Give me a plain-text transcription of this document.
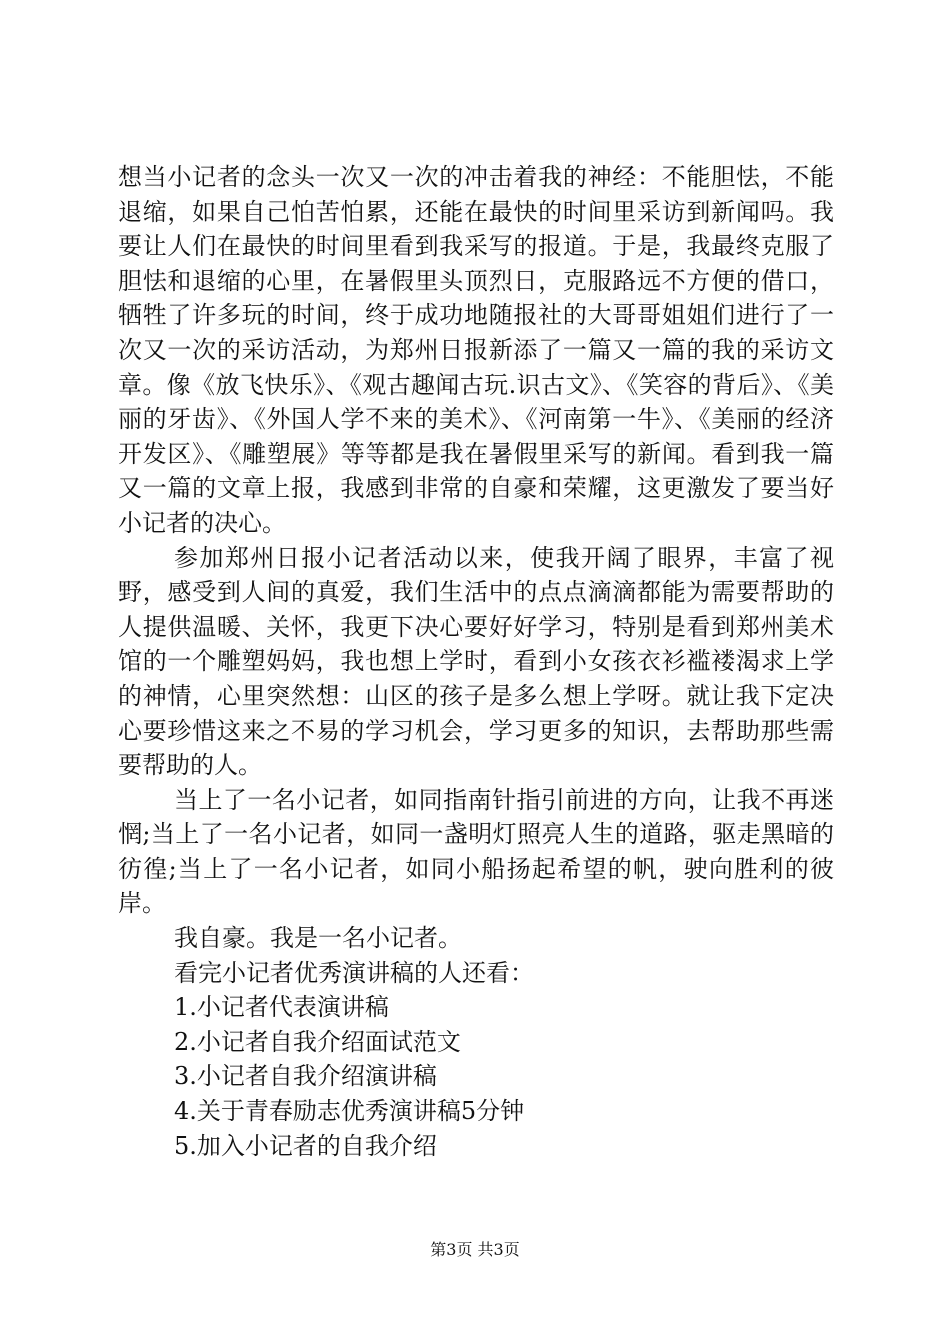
想当小记者的念头一次又一次的冲击着我的神经：不能胆怯，不能退缩，如果自己怕苦怕累，还能在最快的时间里采访到新闻吗。我要让人们在最快的时间里看到我采写的报道。于是，我最终克服了胆怯和退缩的心里，在暑假里头顶烈日，克服路远不方便的借口，牺牲了许多玩的时间，终于成功地随报社的大哥哥姐姐们进行了一次又一次的采访活动，为郑州日报新添了一篇又一篇的我的采访文章。像《放飞快乐》、《观古趣闻古玩.识古文》、《笑容的背后》、《美丽的牙齿》、《外国人学不来的美术》、《河南第一牛》、《美丽的经济开发区》、《雕塑展》等等都是我在暑假里采写的新闻。看到我一篇又一篇的文章上报，我感到非常的自豪和荣耀，这更激发了要当好小记者的决心。

参加郑州日报小记者活动以来，使我开阔了眼界，丰富了视野，感受到人间的真爱，我们生活中的点点滴滴都能为需要帮助的人提供温暖、关怀，我更下决心要好好学习，特别是看到郑州美术馆的一个雕塑妈妈，我也想上学时，看到小女孩衣衫褴褛渴求上学的神情，心里突然想：山区的孩子是多么想上学呀。就让我下定决心要珍惜这来之不易的学习机会，学习更多的知识，去帮助那些需要帮助的人。

当上了一名小记者，如同指南针指引前进的方向，让我不再迷惘;当上了一名小记者，如同一盏明灯照亮人生的道路，驱走黑暗的彷徨;当上了一名小记者，如同小船扬起希望的帆，驶向胜利的彼岸。

我自豪。我是一名小记者。

看完小记者优秀演讲稿的人还看：

1.小记者代表演讲稿

2.小记者自我介绍面试范文

3.小记者自我介绍演讲稿

4.关于青春励志优秀演讲稿5分钟

5.加入小记者的自我介绍

第3页 共3页
